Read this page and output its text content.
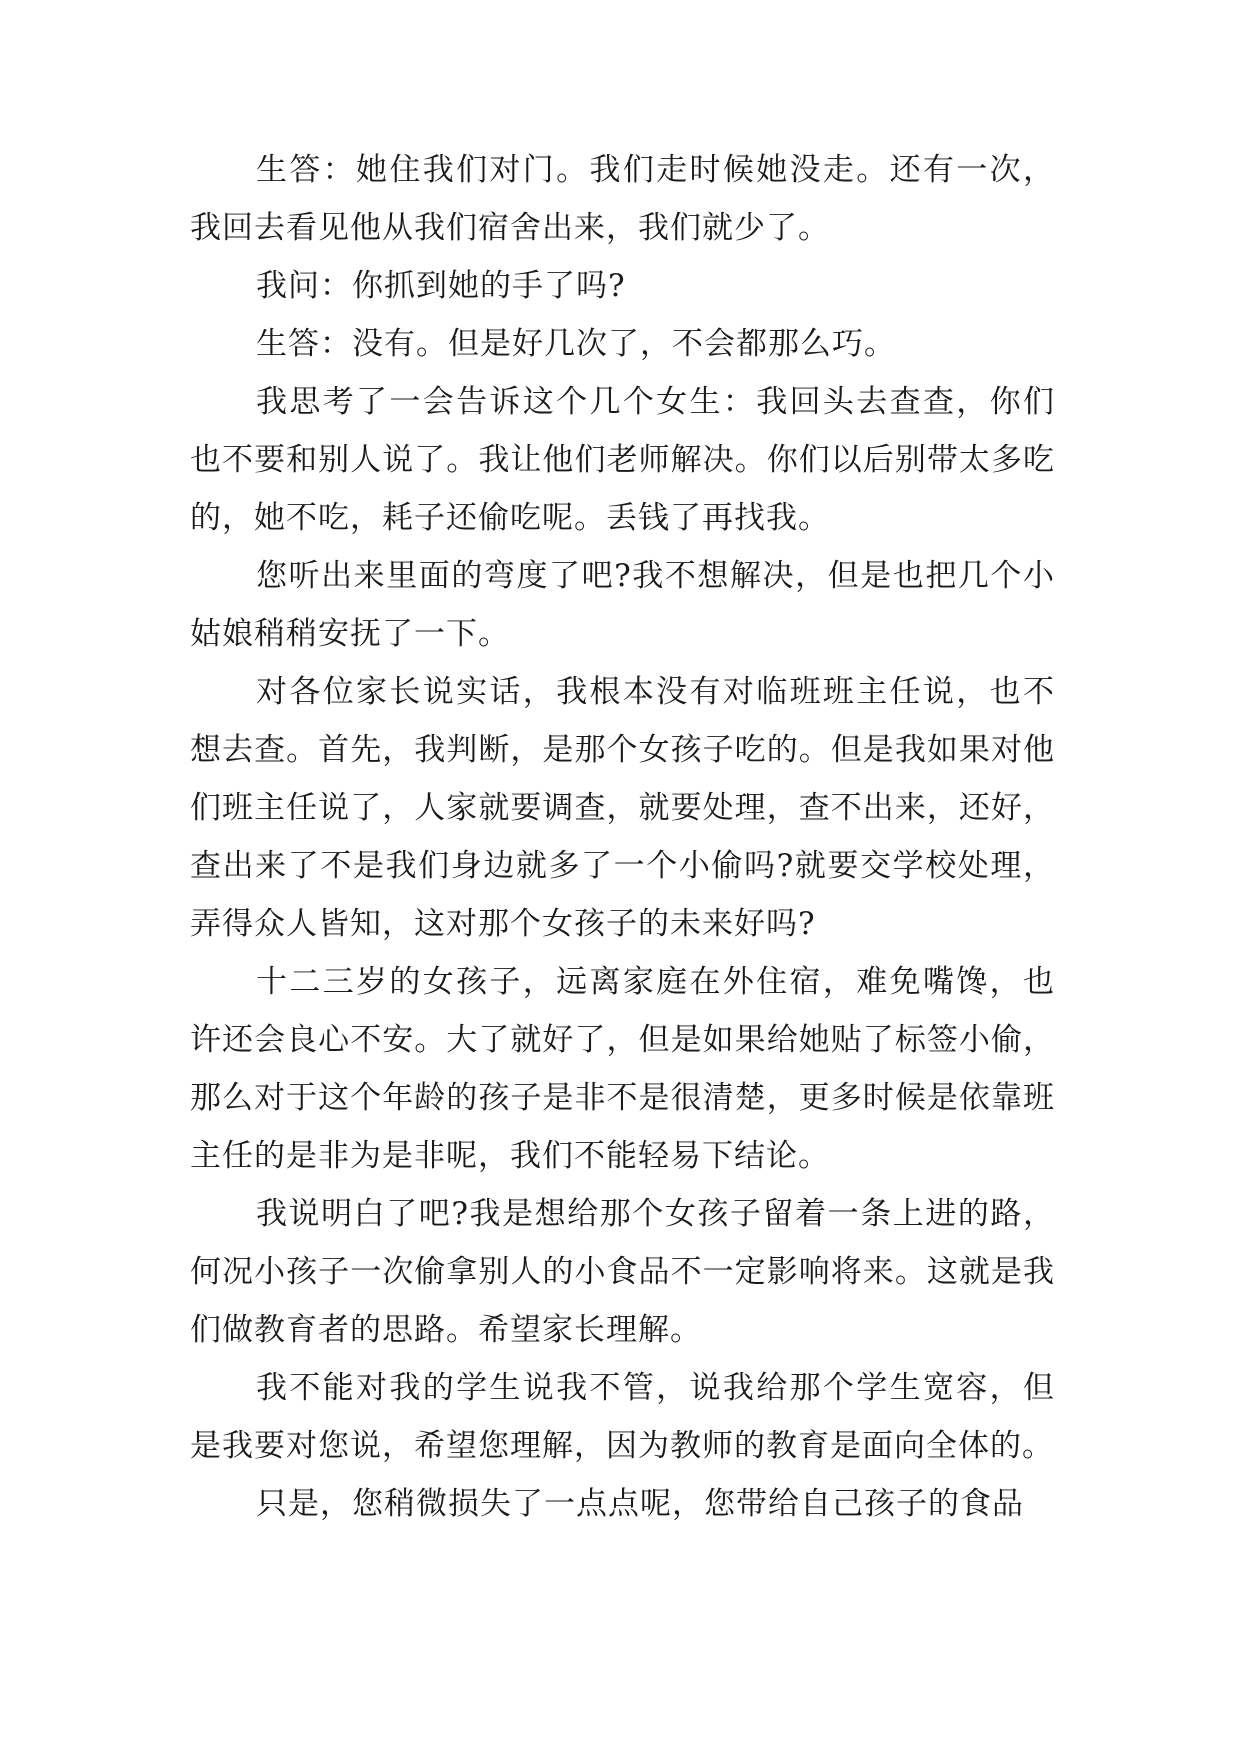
生答：她住我们对门。我们走时候她没走。还有一次，我回去看见他从我们宿舍出来，我们就少了。

我问：你抓到她的手了吗?

生答：没有。但是好几次了，不会都那么巧。

我思考了一会告诉这个几个女生：我回头去查查，你们也不要和别人说了。我让他们老师解决。你们以后别带太多吃的，她不吃，耗子还偷吃呢。丢钱了再找我。

您听出来里面的弯度了吧?我不想解决，但是也把几个小姑娘稍稍安抚了一下。

对各位家长说实话，我根本没有对临班班主任说，也不想去查。首先，我判断，是那个女孩子吃的。但是我如果对他们班主任说了，人家就要调查，就要处理，查不出来，还好，查出来了不是我们身边就多了一个小偷吗?就要交学校处理，弄得众人皆知，这对那个女孩子的未来好吗?

十二三岁的女孩子，远离家庭在外住宿，难免嘴馋，也许还会良心不安。大了就好了，但是如果给她贴了标签小偷，那么对于这个年龄的孩子是非不是很清楚，更多时候是依靠班主任的是非为是非呢，我们不能轻易下结论。

我说明白了吧?我是想给那个女孩子留着一条上进的路，何况小孩子一次偷拿别人的小食品不一定影响将来。这就是我们做教育者的思路。希望家长理解。

我不能对我的学生说我不管，说我给那个学生宽容，但是我要对您说，希望您理解，因为教师的教育是面向全体的。

只是，您稍微损失了一点点呢，您带给自己孩子的食品
